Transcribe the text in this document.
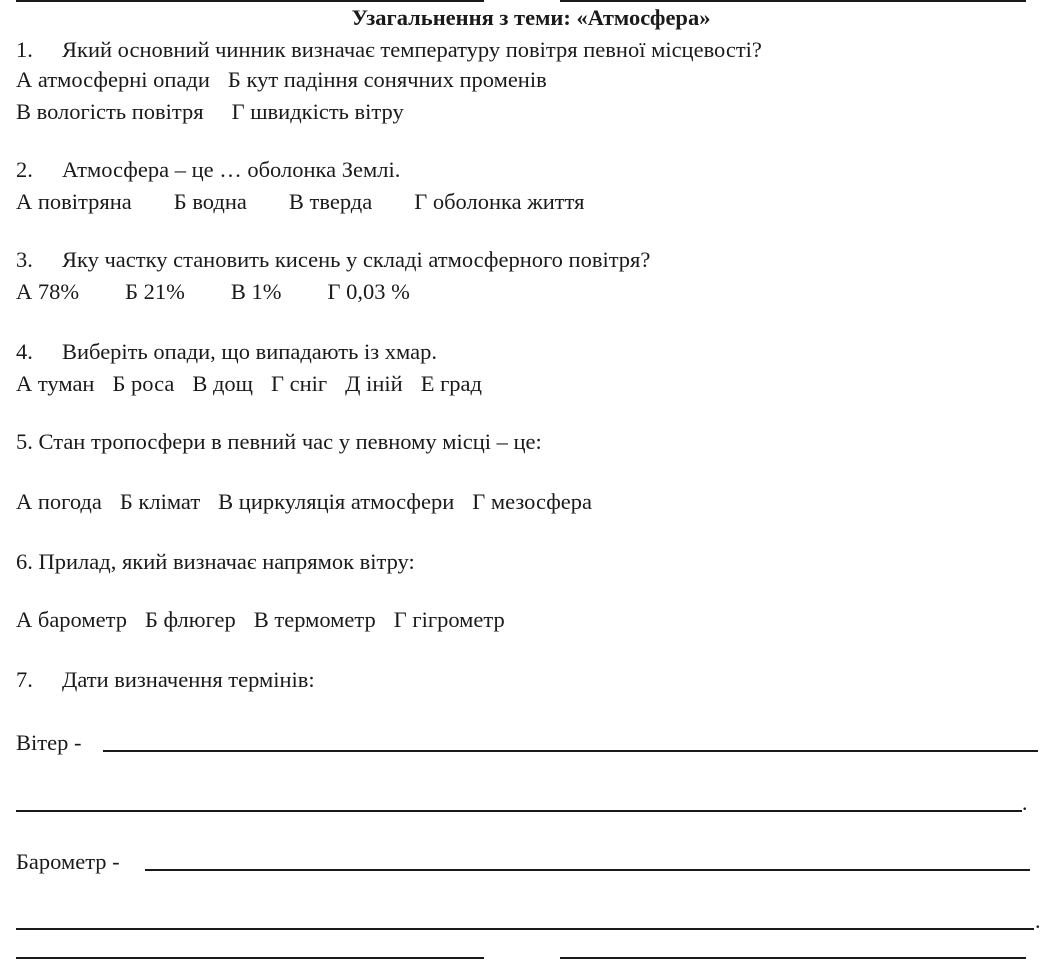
Узагальнення з теми: «Атмосфера»
1. Який основний чинник визначає температуру повітря певної місцевості?
А атмосферні опади Б кут падіння сонячних променів
В вологість повітря Г швидкість вітру
2. Атмосфера – це … оболонка Землі.
А повітряна Б водна В тверда Г оболонка життя
3. Яку частку становить кисень у складі атмосферного повітря?
А 78% Б 21% В 1% Г 0,03 %
4. Виберіть опади, що випадають із хмар.
А туман Б роса В дощ Г сніг Д іній Е град
5. Стан тропосфери в певний час у певному місці – це:
А погода Б клімат В циркуляція атмосфери Г мезосфера
6. Прилад, який визначає напрямок вітру:
А барометр Б флюгер В термометр Г гігрометр
7. Дати визначення термінів:
Вітер -
.
Барометр -
.
